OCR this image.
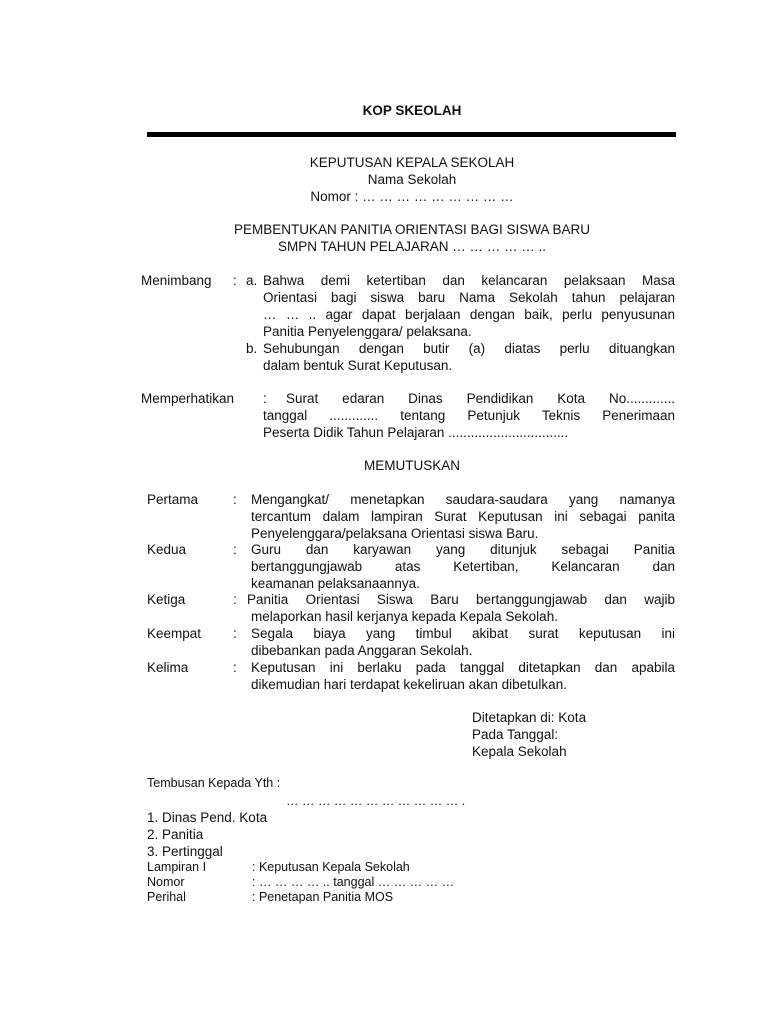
KOP SKEOLAH
KEPUTUSAN KEPALA SEKOLAH
Nama Sekolah
Nomor : … … … … … … … … …
PEMBENTUKAN PANITIA ORIENTASI BAGI SISWA BARU
SMPN TAHUN PELAJARAN … … … … … ..
Menimbang : a. Bahwa demi ketertiban dan kelancaran pelaksaan Masa
Orientasi bagi siswa baru Nama Sekolah tahun pelajaran
… … .. agar dapat berjalaan dengan baik, perlu penyusunan
Panitia Penyelenggara/ pelaksana.
b. Sehubungan dengan butir (a) diatas perlu dituangkan
dalam bentuk Surat Keputusan.
Memperhatikan : Surat edaran Dinas Pendidikan Kota No.............
tanggal ............. tentang Petunjuk Teknis Penerimaan
Peserta Didik Tahun Pelajaran ................................
MEMUTUSKAN
Pertama	: Mengangkat/ menetapkan saudara-saudara yang namanya
tercantum dalam lampiran Surat Keputusan ini sebagai panita
Penyelenggara/pelaksana Orientasi siswa Baru.
Kedua	: Guru dan karyawan yang ditunjuk sebagai Panitia
bertanggungjawab atas Ketertiban, Kelancaran dan
keamanan pelaksanaannya.
Ketiga	: Panitia Orientasi Siswa Baru bertanggungjawab dan wajib
melaporkan hasil kerjanya kepada Kepala Sekolah.
Keempat : Segala biaya yang timbul akibat surat keputusan ini
dibebankan pada Anggaran Sekolah.
Kelima	: Keputusan ini berlaku pada tanggal ditetapkan dan apabila
dikemudian hari terdapat kekeliruan akan dibetulkan.
Ditetapkan di: Kota
Pada Tanggal:
Kepala Sekolah
Tembusan Kepada Yth :
… … … … … … … … … … … .
1. Dinas Pend. Kota
2. Panitia
3. Pertinggal
Lampiran I	: Keputusan Kepala Sekolah
Nomor	: … … … … .. tanggal … … … … …
Perihal	: Penetapan Panitia MOS
